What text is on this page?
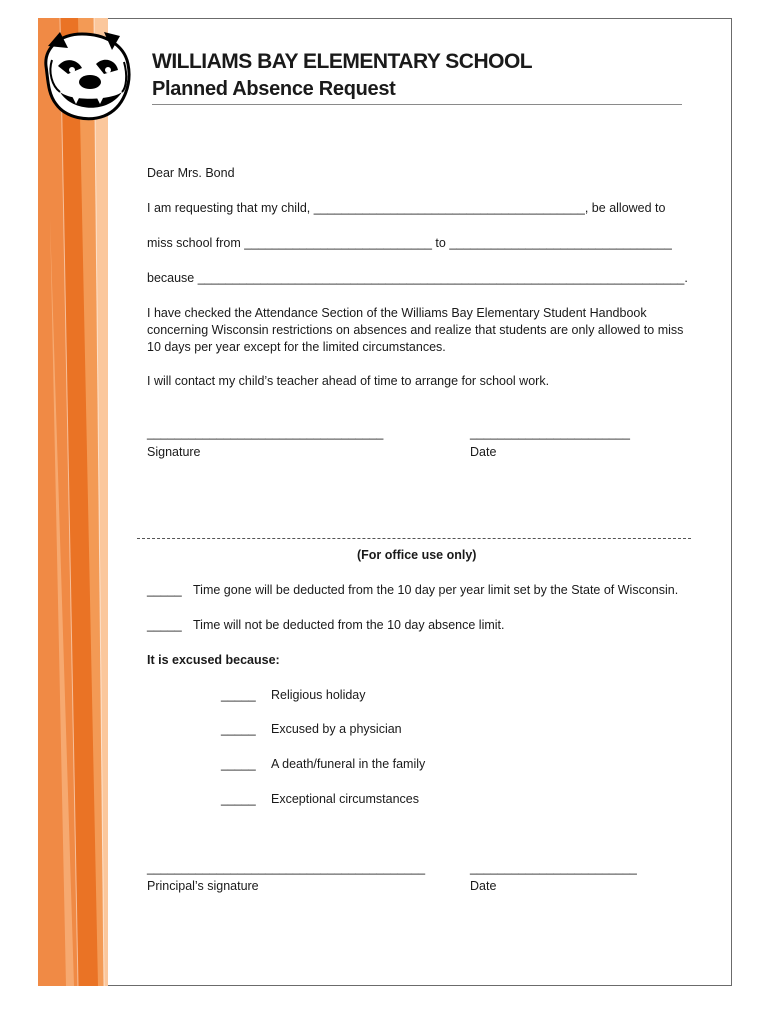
WILLIAMS BAY ELEMENTARY SCHOOL
Planned Absence Request
Dear Mrs. Bond
I am requesting that my child, _______________________________________, be allowed to
miss school from ___________________________ to ________________________________
because ______________________________________________________________________.
I have checked the Attendance Section of the Williams Bay Elementary Student Handbook concerning Wisconsin restrictions on absences and realize that students are only allowed to miss 10 days per year except for the limited circumstances.
I will contact my child’s teacher ahead of time to arrange for school work.
__________________________________
Signature
_______________________
Date
(For office use only)
_____ Time gone will be deducted from the 10 day per year limit set by the State of Wisconsin.
_____ Time will not be deducted from the 10 day absence limit.
It is excused because:
_____ Religious holiday
_____ Excused by a physician
_____ A death/funeral in the family
_____ Exceptional circumstances
________________________________________
Principal’s signature
________________________
Date
